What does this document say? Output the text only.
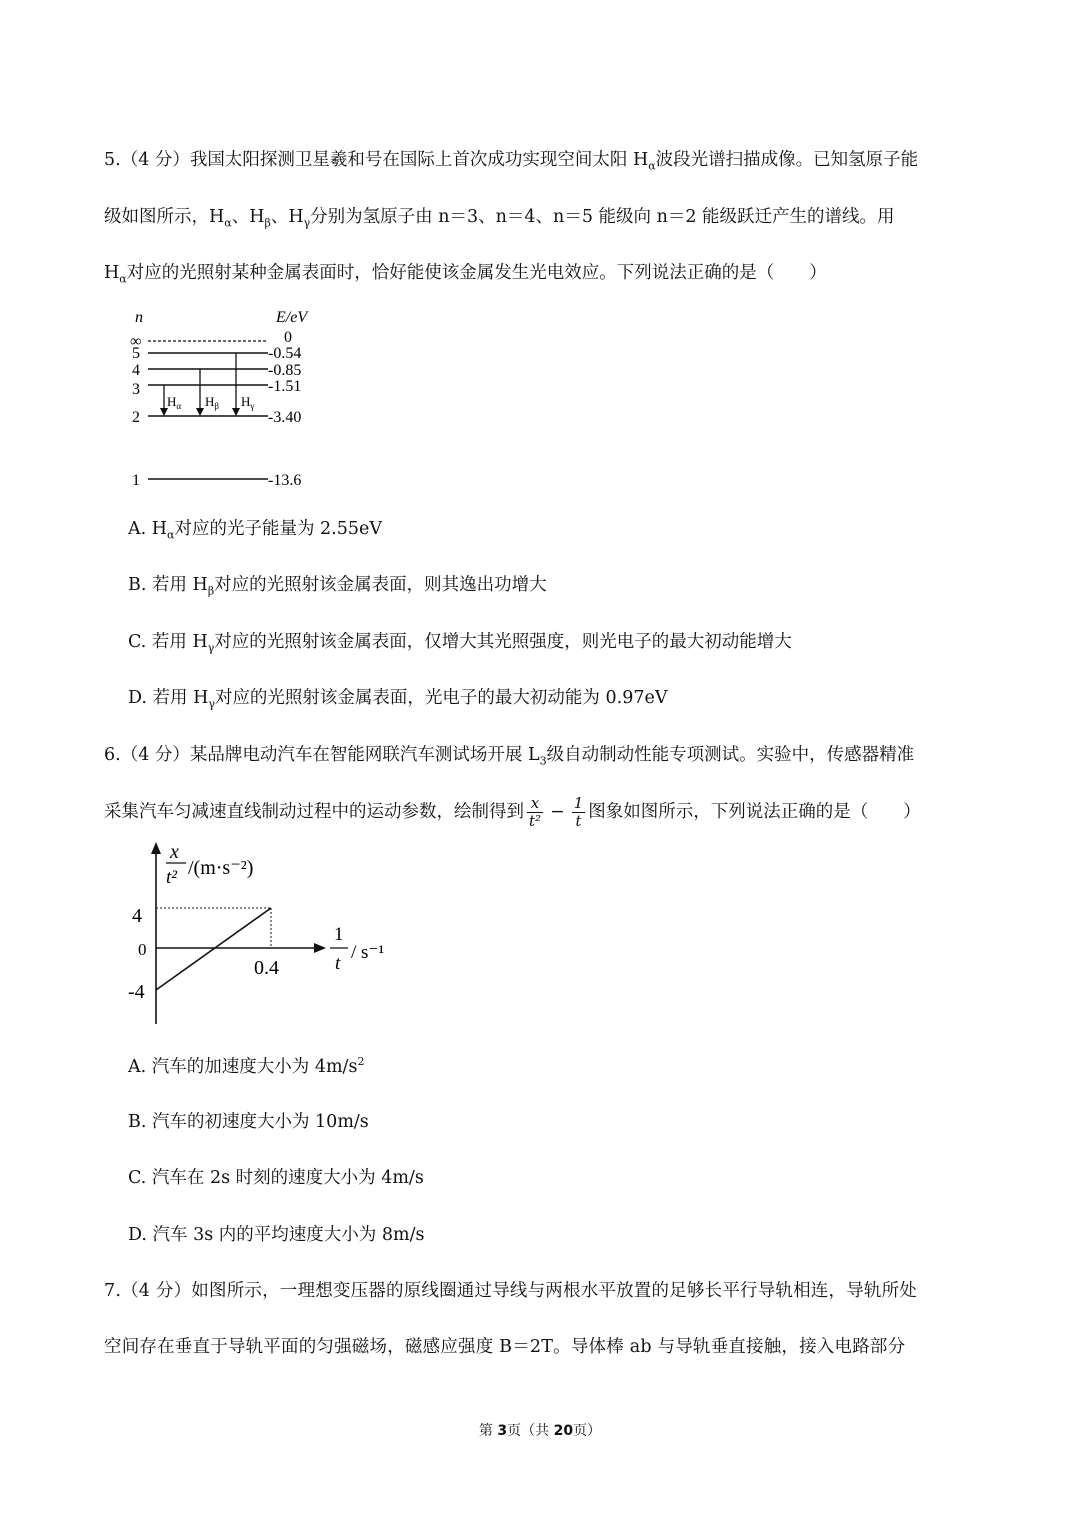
5.（4 分）我国太阳探测卫星羲和号在国际上首次成功实现空间太阳 $H_\alpha$波段光谱扫描成像。已知氢原子能
级如图所示，$H_\alpha$、$H_\beta$、$H_\gamma$分别为氢原子由 n＝3、n＝4、n＝5 能级向 n＝2 能级跃迁产生的谱线。用
$H_\alpha$对应的光照射某种金属表面时，恰好能使该金属发生光电效应。下列说法正确的是（　　）
n	E/eV
∞
5
4
3
2
1
0
-0.54
-0.85
-1.51
-3.40
-13.6
$H_\alpha$ $H_\beta$ $H_\gamma$
A. $H_\alpha$对应的光子能量为 2.55eV
B. 若用 $H_\beta$对应的光照射该金属表面，则其逸出功增大
C. 若用 $H_\gamma$对应的光照射该金属表面，仅增大其光照强度，则光电子的最大初动能增大
D. 若用 $H_\gamma$对应的光照射该金属表面，光电子的最大初动能为 0.97eV
6.（4 分）某品牌电动汽车在智能网联汽车测试场开展 $L_3$级自动制动性能专项测试。实验中，传感器精准
采集汽车匀减速直线制动过程中的运动参数，绘制得到 $\frac{x}{\text{t²}} - \frac{1}{t}$ 图象如图所示，下列说法正确的是（　　）
x
t² /(m·s⁻²)
1
t
/ s⁻¹
4
0
-4
0.4
A. 汽车的加速度大小为 $4m/s^2$
B. 汽车的初速度大小为 10m/s
C. 汽车在 2s 时刻的速度大小为 4m/s
D. 汽车 3s 内的平均速度大小为 8m/s
7.（4 分）如图所示，一理想变压器的原线圈通过导线与两根水平放置的足够长平行导轨相连，导轨所处
空间存在垂直于导轨平面的匀强磁场，磁感应强度 B＝2T。导体棒 ab 与导轨垂直接触，接入电路部分
第 3页（共 20页）
